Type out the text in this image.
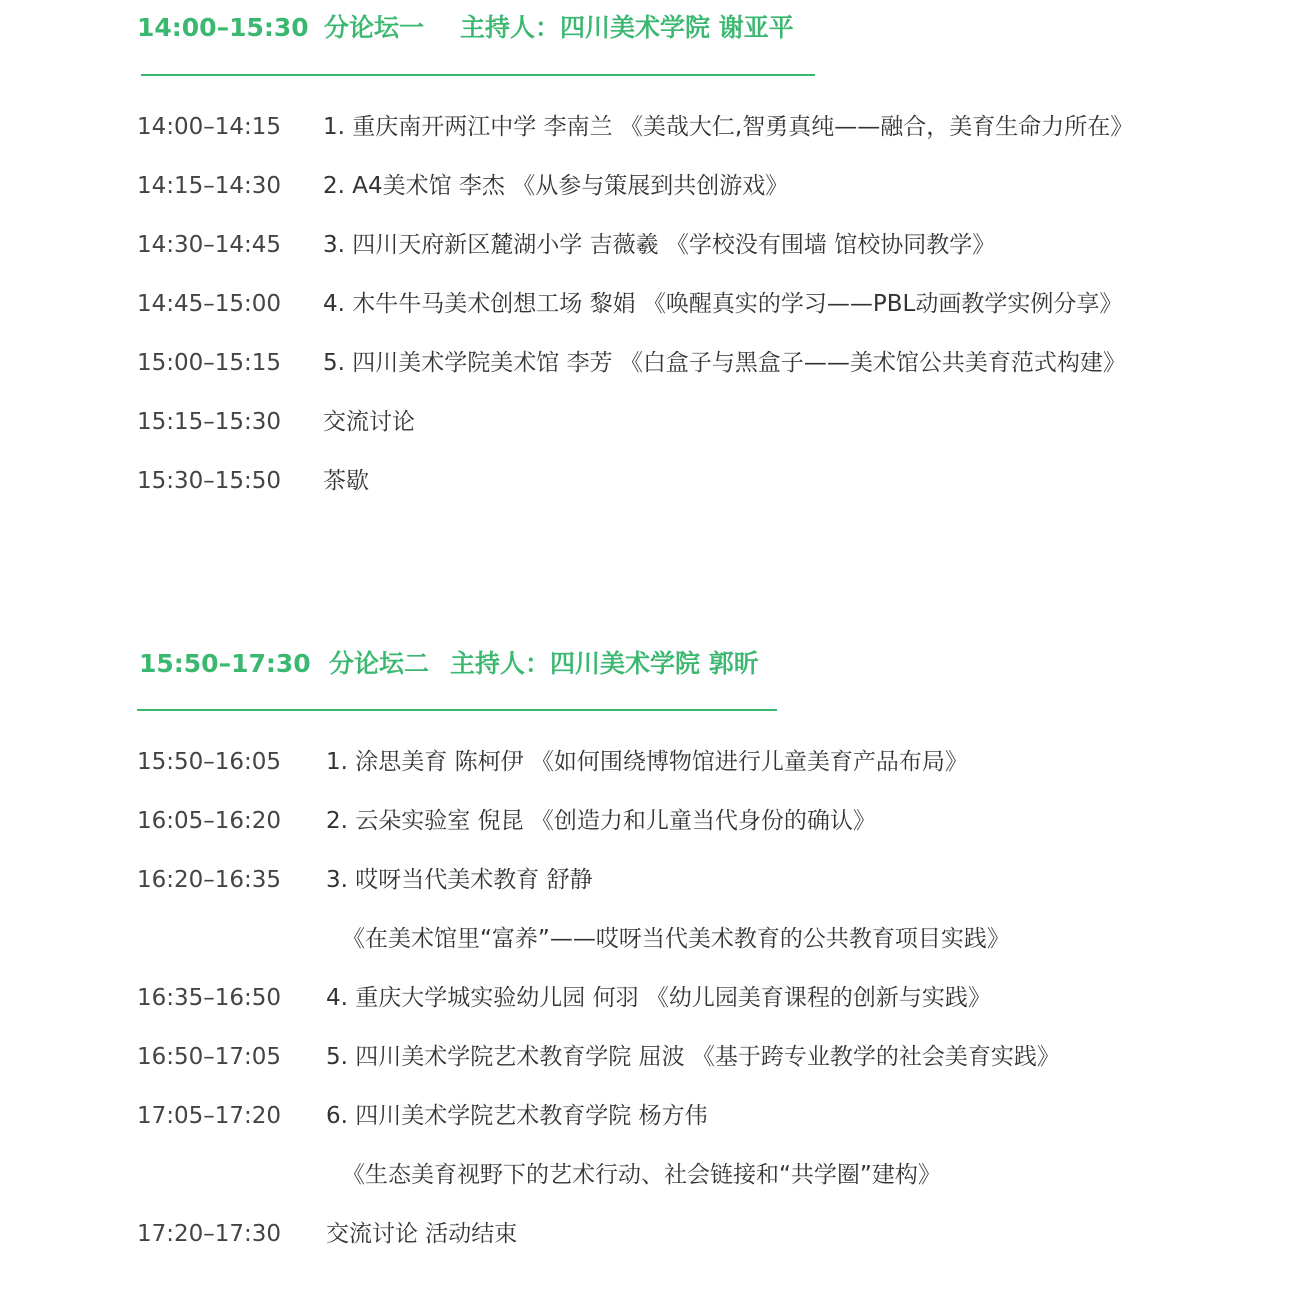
14:00–15:30 分论坛一 主持人：四川美术学院 谢亚平
14:00–14:15 1. 重庆南开两江中学 李南兰 《美哉大仁,智勇真纯——融合，美育生命力所在》
14:15–14:30 2. A4美术馆 李杰 《从参与策展到共创游戏》
14:30–14:45 3. 四川天府新区麓湖小学 吉薇羲 《学校没有围墙 馆校协同教学》
14:45–15:00 4. 木牛牛马美术创想工场 黎娟 《唤醒真实的学习——PBL动画教学实例分享》
15:00–15:15 5. 四川美术学院美术馆 李芳 《白盒子与黑盒子——美术馆公共美育范式构建》
15:15–15:30 交流讨论
15:30–15:50 茶歇
15:50–17:30 分论坛二 主持人：四川美术学院 郭昕
15:50–16:05 1. 涂思美育 陈柯伊 《如何围绕博物馆进行儿童美育产品布局》
16:05–16:20 2. 云朵实验室 倪昆 《创造力和儿童当代身份的确认》
16:20–16:35 3. 哎呀当代美术教育 舒静
《在美术馆里“富养”——哎呀当代美术教育的公共教育项目实践》
16:35–16:50 4. 重庆大学城实验幼儿园 何羽 《幼儿园美育课程的创新与实践》
16:50–17:05 5. 四川美术学院艺术教育学院 屈波 《基于跨专业教学的社会美育实践》
17:05–17:20 6. 四川美术学院艺术教育学院 杨方伟
《生态美育视野下的艺术行动、社会链接和“共学圈”建构》
17:20–17:30 交流讨论 活动结束
